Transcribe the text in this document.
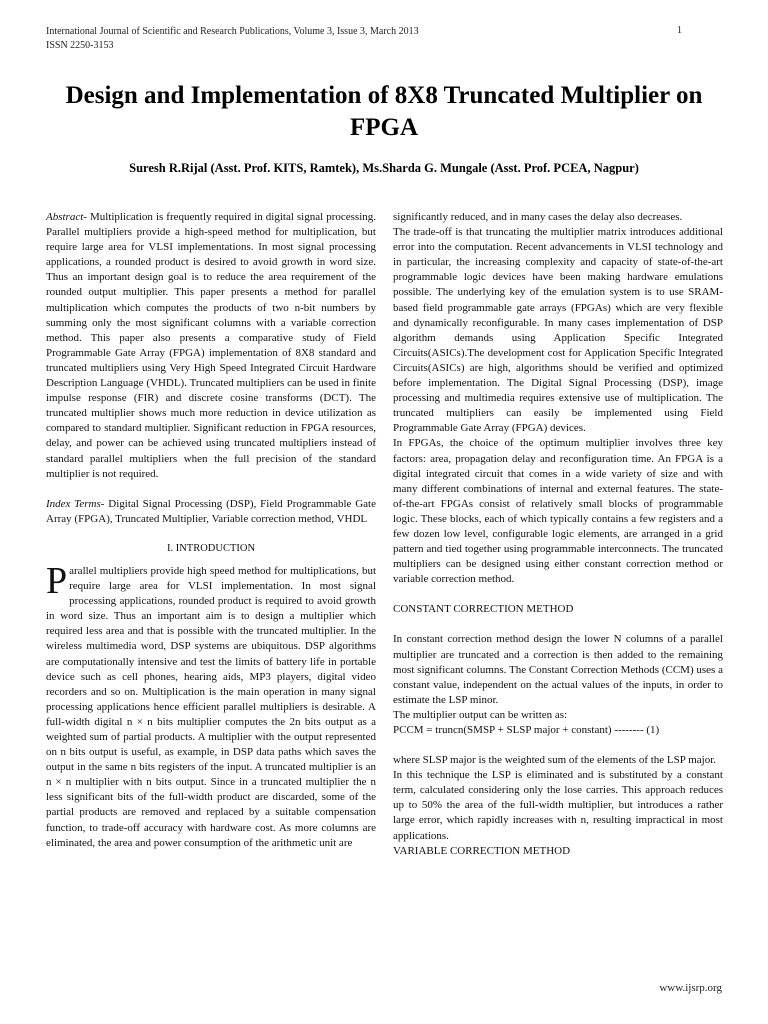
International Journal of Scientific and Research Publications, Volume 3, Issue 3, March 2013
ISSN 2250-3153
1
Design and Implementation of 8X8 Truncated Multiplier on FPGA
Suresh R.Rijal (Asst. Prof. KITS, Ramtek), Ms.Sharda G. Mungale (Asst. Prof. PCEA, Nagpur)

Abstract- Multiplication is frequently required in digital signal processing. Parallel multipliers provide a high-speed method for multiplication, but require large area for VLSI implementations. In most signal processing applications, a rounded product is desired to avoid growth in word size. Thus an important design goal is to reduce the area requirement of the rounded output multiplier. This paper presents a method for parallel multiplication which computes the products of two n-bit numbers by summing only the most significant columns with a variable correction method. This paper also presents a comparative study of Field Programmable Gate Array (FPGA) implementation of 8X8 standard and truncated multipliers using Very High Speed Integrated Circuit Hardware Description Language (VHDL). Truncated multipliers can be used in finite impulse response (FIR) and discrete cosine transforms (DCT). The truncated multiplier shows much more reduction in device utilization as compared to standard multiplier. Significant reduction in FPGA resources, delay, and power can be achieved using truncated multipliers instead of standard parallel multipliers when the full precision of the standard multiplier is not required.

Index Terms- Digital Signal Processing (DSP), Field Programmable Gate Array (FPGA), Truncated Multiplier, Variable correction method, VHDL

I. INTRODUCTION

Parallel multipliers provide high speed method for multiplications, but require large area for VLSI implementation. In most signal processing applications, rounded product is required to avoid growth in word size. Thus an important aim is to design a multiplier which required less area and that is possible with the truncated multiplier. In the wireless multimedia word, DSP systems are ubiquitous. DSP algorithms are computationally intensive and test the limits of battery life in portable device such as cell phones, hearing aids, MP3 players, digital video recorders and so on. Multiplication is the main operation in many signal processing applications hence efficient parallel multipliers is desirable. A full-width digital n × n bits multiplier computes the 2n bits output as a weighted sum of partial products. A multiplier with the output represented on n bits output is useful, as example, in DSP data paths which saves the output in the same n bits registers of the input. A truncated multiplier is an n × n multiplier with n bits output. Since in a truncated multiplier the n less significant bits of the full-width product are discarded, some of the partial products are removed and replaced by a suitable compensation function, to trade-off accuracy with hardware cost. As more columns are eliminated, the area and power consumption of the arithmetic unit are

significantly reduced, and in many cases the delay also decreases.

The trade-off is that truncating the multiplier matrix introduces additional error into the computation. Recent advancements in VLSI technology and in particular, the increasing complexity and capacity of state-of-the-art programmable logic devices have been making hardware emulations possible. The underlying key of the emulation system is to use SRAM-based field programmable gate arrays (FPGAs) which are very flexible and dynamically reconfigurable. In many cases implementation of DSP algorithm demands using Application Specific Integrated Circuits(ASICs).The development cost for Application Specific Integrated Circuits(ASICs) are high, algorithms should be verified and optimized before implementation. The Digital Signal Processing (DSP), image processing and multimedia requires extensive use of multiplication. The truncated multipliers can easily be implemented using Field Programmable Gate Array (FPGA) devices.

In FPGAs, the choice of the optimum multiplier involves three key factors: area, propagation delay and reconfiguration time. An FPGA is a digital integrated circuit that comes in a wide variety of size and with many different combinations of internal and external features. The state-of-the-art FPGAs consist of relatively small blocks of programmable logic. These blocks, each of which typically contains a few registers and a few dozen low level, configurable logic elements, are arranged in a grid pattern and tied together using programmable interconnects. The truncated multipliers can be designed using either constant correction method or variable correction method.

CONSTANT CORRECTION METHOD

In constant correction method design the lower N columns of a parallel multiplier are truncated and a correction is then added to the remaining most significant columns. The Constant Correction Methods (CCM) uses a constant value, independent on the actual values of the inputs, in order to estimate the LSP minor.

The multiplier output can be written as:

PCCM = truncn(SMSP + SLSP major + constant) -------- (1)

where SLSP major is the weighted sum of the elements of the LSP major.

In this technique the LSP is eliminated and is substituted by a constant term, calculated considering only the lose carries. This approach reduces up to 50% the area of the full-width multiplier, but introduces a rather large error, which rapidly increases with n, resulting impractical in most applications.

VARIABLE CORRECTION METHOD

www.ijsrp.org
